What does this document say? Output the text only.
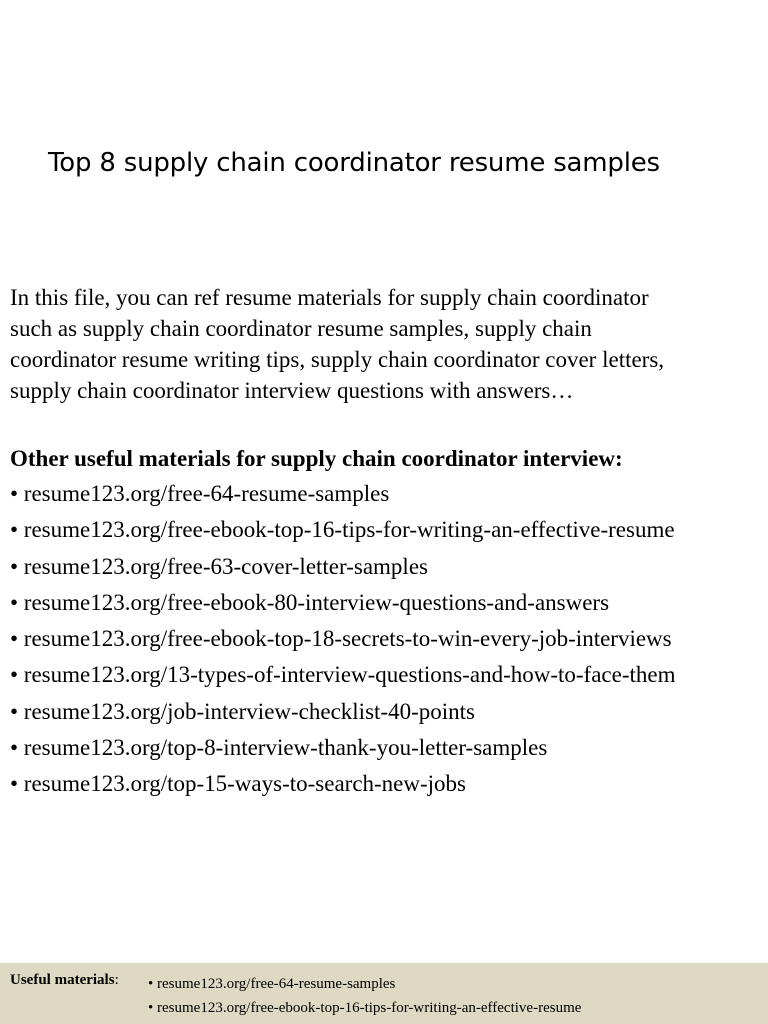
Top 8 supply chain coordinator resume samples

In this file, you can ref resume materials for supply chain coordinator
such as supply chain coordinator resume samples, supply chain
coordinator resume writing tips, supply chain coordinator cover letters,
supply chain coordinator interview questions with answers…

Other useful materials for supply chain coordinator interview:
• resume123.org/free-64-resume-samples
• resume123.org/free-ebook-top-16-tips-for-writing-an-effective-resume
• resume123.org/free-63-cover-letter-samples
• resume123.org/free-ebook-80-interview-questions-and-answers
• resume123.org/free-ebook-top-18-secrets-to-win-every-job-interviews
• resume123.org/13-types-of-interview-questions-and-how-to-face-them
• resume123.org/job-interview-checklist-40-points
• resume123.org/top-8-interview-thank-you-letter-samples
• resume123.org/top-15-ways-to-search-new-jobs
Useful materials: • resume123.org/free-64-resume-samples
• resume123.org/free-ebook-top-16-tips-for-writing-an-effective-resume
